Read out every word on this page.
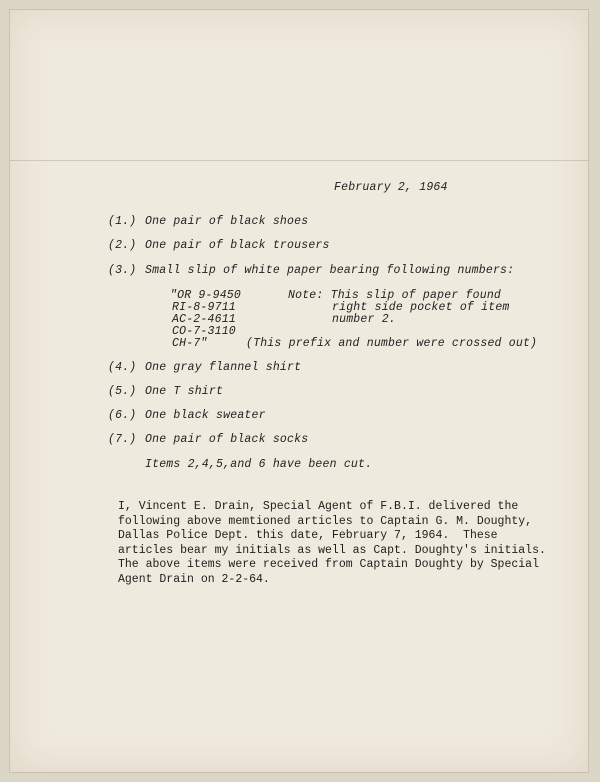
February 2, 1964
(1.) One pair of black shoes
(2.) One pair of black trousers
(3.) Small slip of white paper bearing following numbers:
"OR 9-9450
RI-8-9711
AC-2-4611
CO-7-3110
CH-7"
Note: This slip of paper found
right side pocket of item
number 2.
(This prefix and number were crossed out)
(4.) One gray flannel shirt
(5.) One T shirt
(6.) One black sweater
(7.) One pair of black socks
Items 2,4,5,and 6 have been cut.
I, Vincent E. Drain, Special Agent of F.B.I. delivered the
following above memtioned articles to Captain G. M. Doughty,
Dallas Police Dept. this date, February 7, 1964.  These
articles bear my initials as well as Capt. Doughty's initials.
The above items were received from Captain Doughty by Special
Agent Drain on 2-2-64.
